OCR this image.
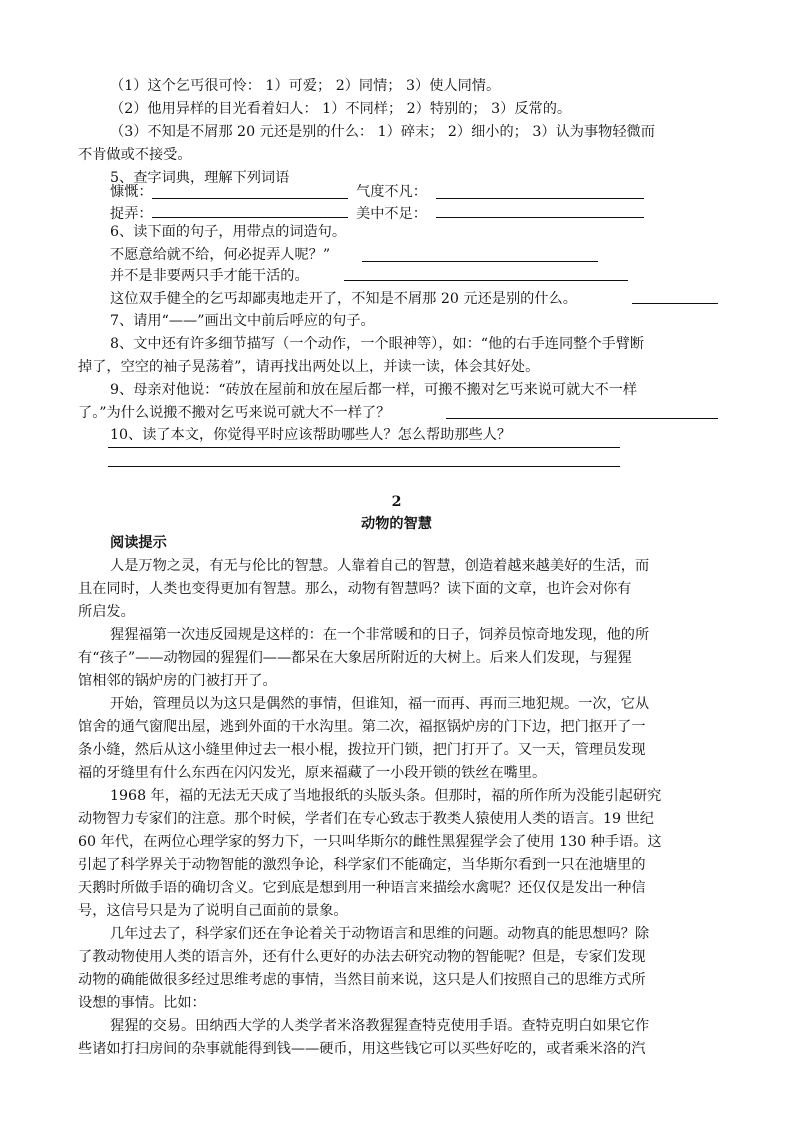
（1）这个乞丐很可怜： 1）可爱； 2）同情； 3）使人同情。
（2）他用异样的目光看着妇人： 1）不同样； 2）特别的； 3）反常的。
（3）不知是不屑那 20 元还是别的什么： 1）碎末； 2）细小的； 3）认为事物轻微而
不肯做或不接受。
5、查字词典，理解下列词语
慷慨：	气度不凡：
捉弄：	美中不足：
6、读下面的句子，用带点的词造句。
不愿意给就不给，何必捉弄人呢？”
并不是非要两只手才能干活的。
这位双手健全的乞丐却鄙夷地走开了，不知是不屑那 20 元还是别的什么。
7、请用“——”画出文中前后呼应的句子。
8、文中还有许多细节描写（一个动作，一个眼神等），如：“他的右手连同整个手臂断
掉了，空空的袖子晃荡着”，请再找出两处以上，并读一读，体会其好处。
9、母亲对他说：“砖放在屋前和放在屋后都一样，可搬不搬对乞丐来说可就大不一样
了。”为什么说搬不搬对乞丐来说可就大不一样了？
10、读了本文，你觉得平时应该帮助哪些人？怎么帮助那些人？
2
动物的智慧
阅读提示
人是万物之灵，有无与伦比的智慧。人靠着自己的智慧，创造着越来越美好的生活，而
且在同时，人类也变得更加有智慧。那么，动物有智慧吗？读下面的文章，也许会对你有
所启发。
猩猩福第一次违反园规是这样的：在一个非常暖和的日子，饲养员惊奇地发现，他的所
有“孩子”——动物园的猩猩们——都呆在大象居所附近的大树上。后来人们发现，与猩猩
馆相邻的锅炉房的门被打开了。
开始，管理员以为这只是偶然的事情，但谁知，福一而再、再而三地犯规。一次，它从
馆舍的通气窗爬出屋，逃到外面的干水沟里。第二次，福抠锅炉房的门下边，把门抠开了一
条小缝，然后从这小缝里伸过去一根小棍，拨拉开门锁，把门打开了。又一天，管理员发现
福的牙缝里有什么东西在闪闪发光，原来福藏了一小段开锁的铁丝在嘴里。
1968 年，福的无法无天成了当地报纸的头版头条。但那时，福的所作所为没能引起研究
动物智力专家们的注意。那个时候，学者们在专心致志于教类人猿使用人类的语言。19 世纪
60 年代，在两位心理学家的努力下，一只叫华斯尔的雌性黑猩猩学会了使用 130 种手语。这
引起了科学界关于动物智能的激烈争论，科学家们不能确定，当华斯尔看到一只在池塘里的
天鹅时所做手语的确切含义。它到底是想到用一种语言来描绘水禽呢？还仅仅是发出一种信
号，这信号只是为了说明自己面前的景象。
几年过去了，科学家们还在争论着关于动物语言和思维的问题。动物真的能思想吗？除
了教动物使用人类的语言外，还有什么更好的办法去研究动物的智能呢？但是，专家们发现
动物的确能做很多经过思维考虑的事情，当然目前来说，这只是人们按照自己的思维方式所
设想的事情。比如：
猩猩的交易。田纳西大学的人类学者米洛教猩猩查特克使用手语。查特克明白如果它作
些诸如打扫房间的杂事就能得到钱——硬币，用这些钱它可以买些好吃的，或者乘米洛的汽
